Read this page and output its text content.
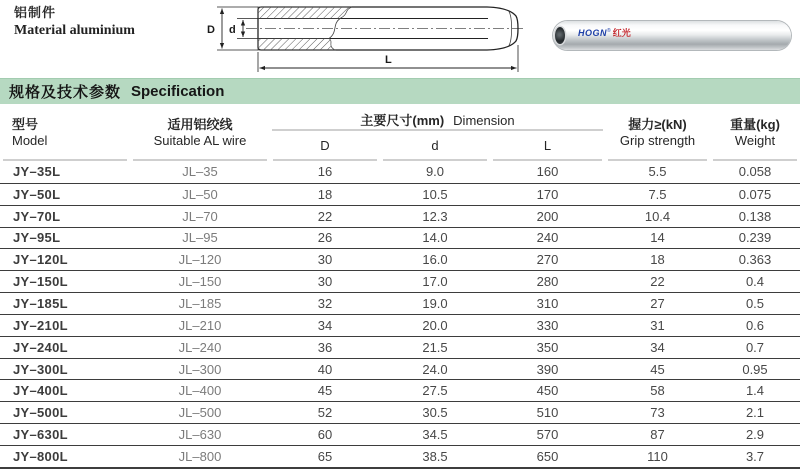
铝制件
Material aluminium	D d
L
HOGN® 红光
规格及技术参数 Specification
型号
Model
适用铝绞线
Suitable AL wire
主要尺寸(mm) Dimension
D	d	L
握力≥(kN)
Grip strength
重量(kg)
Weight
JY–35L	JL–35	16	9.0	160	5.5	0.058
JY–50L	JL–50	18	10.5	170	7.5	0.075
JY–70L	JL–70	22	12.3	200	10.4	0.138
JY–95L	JL–95	26	14.0	240	14	0.239
JY–120L	JL–120	30	16.0	270	18	0.363
JY–150L	JL–150	30	17.0	280	22	0.4
JY–185L	JL–185	32	19.0	310	27	0.5
JY–210L	JL–210	34	20.0	330	31	0.6
JY–240L	JL–240	36	21.5	350	34	0.7
JY–300L	JL–300	40	24.0	390	45	0.95
JY–400L	JL–400	45	27.5	450	58	1.4
JY–500L	JL–500	52	30.5	510	73	2.1
JY–630L	JL–630	60	34.5	570	87	2.9
JY–800L	JL–800	65	38.5	650	110	3.7
